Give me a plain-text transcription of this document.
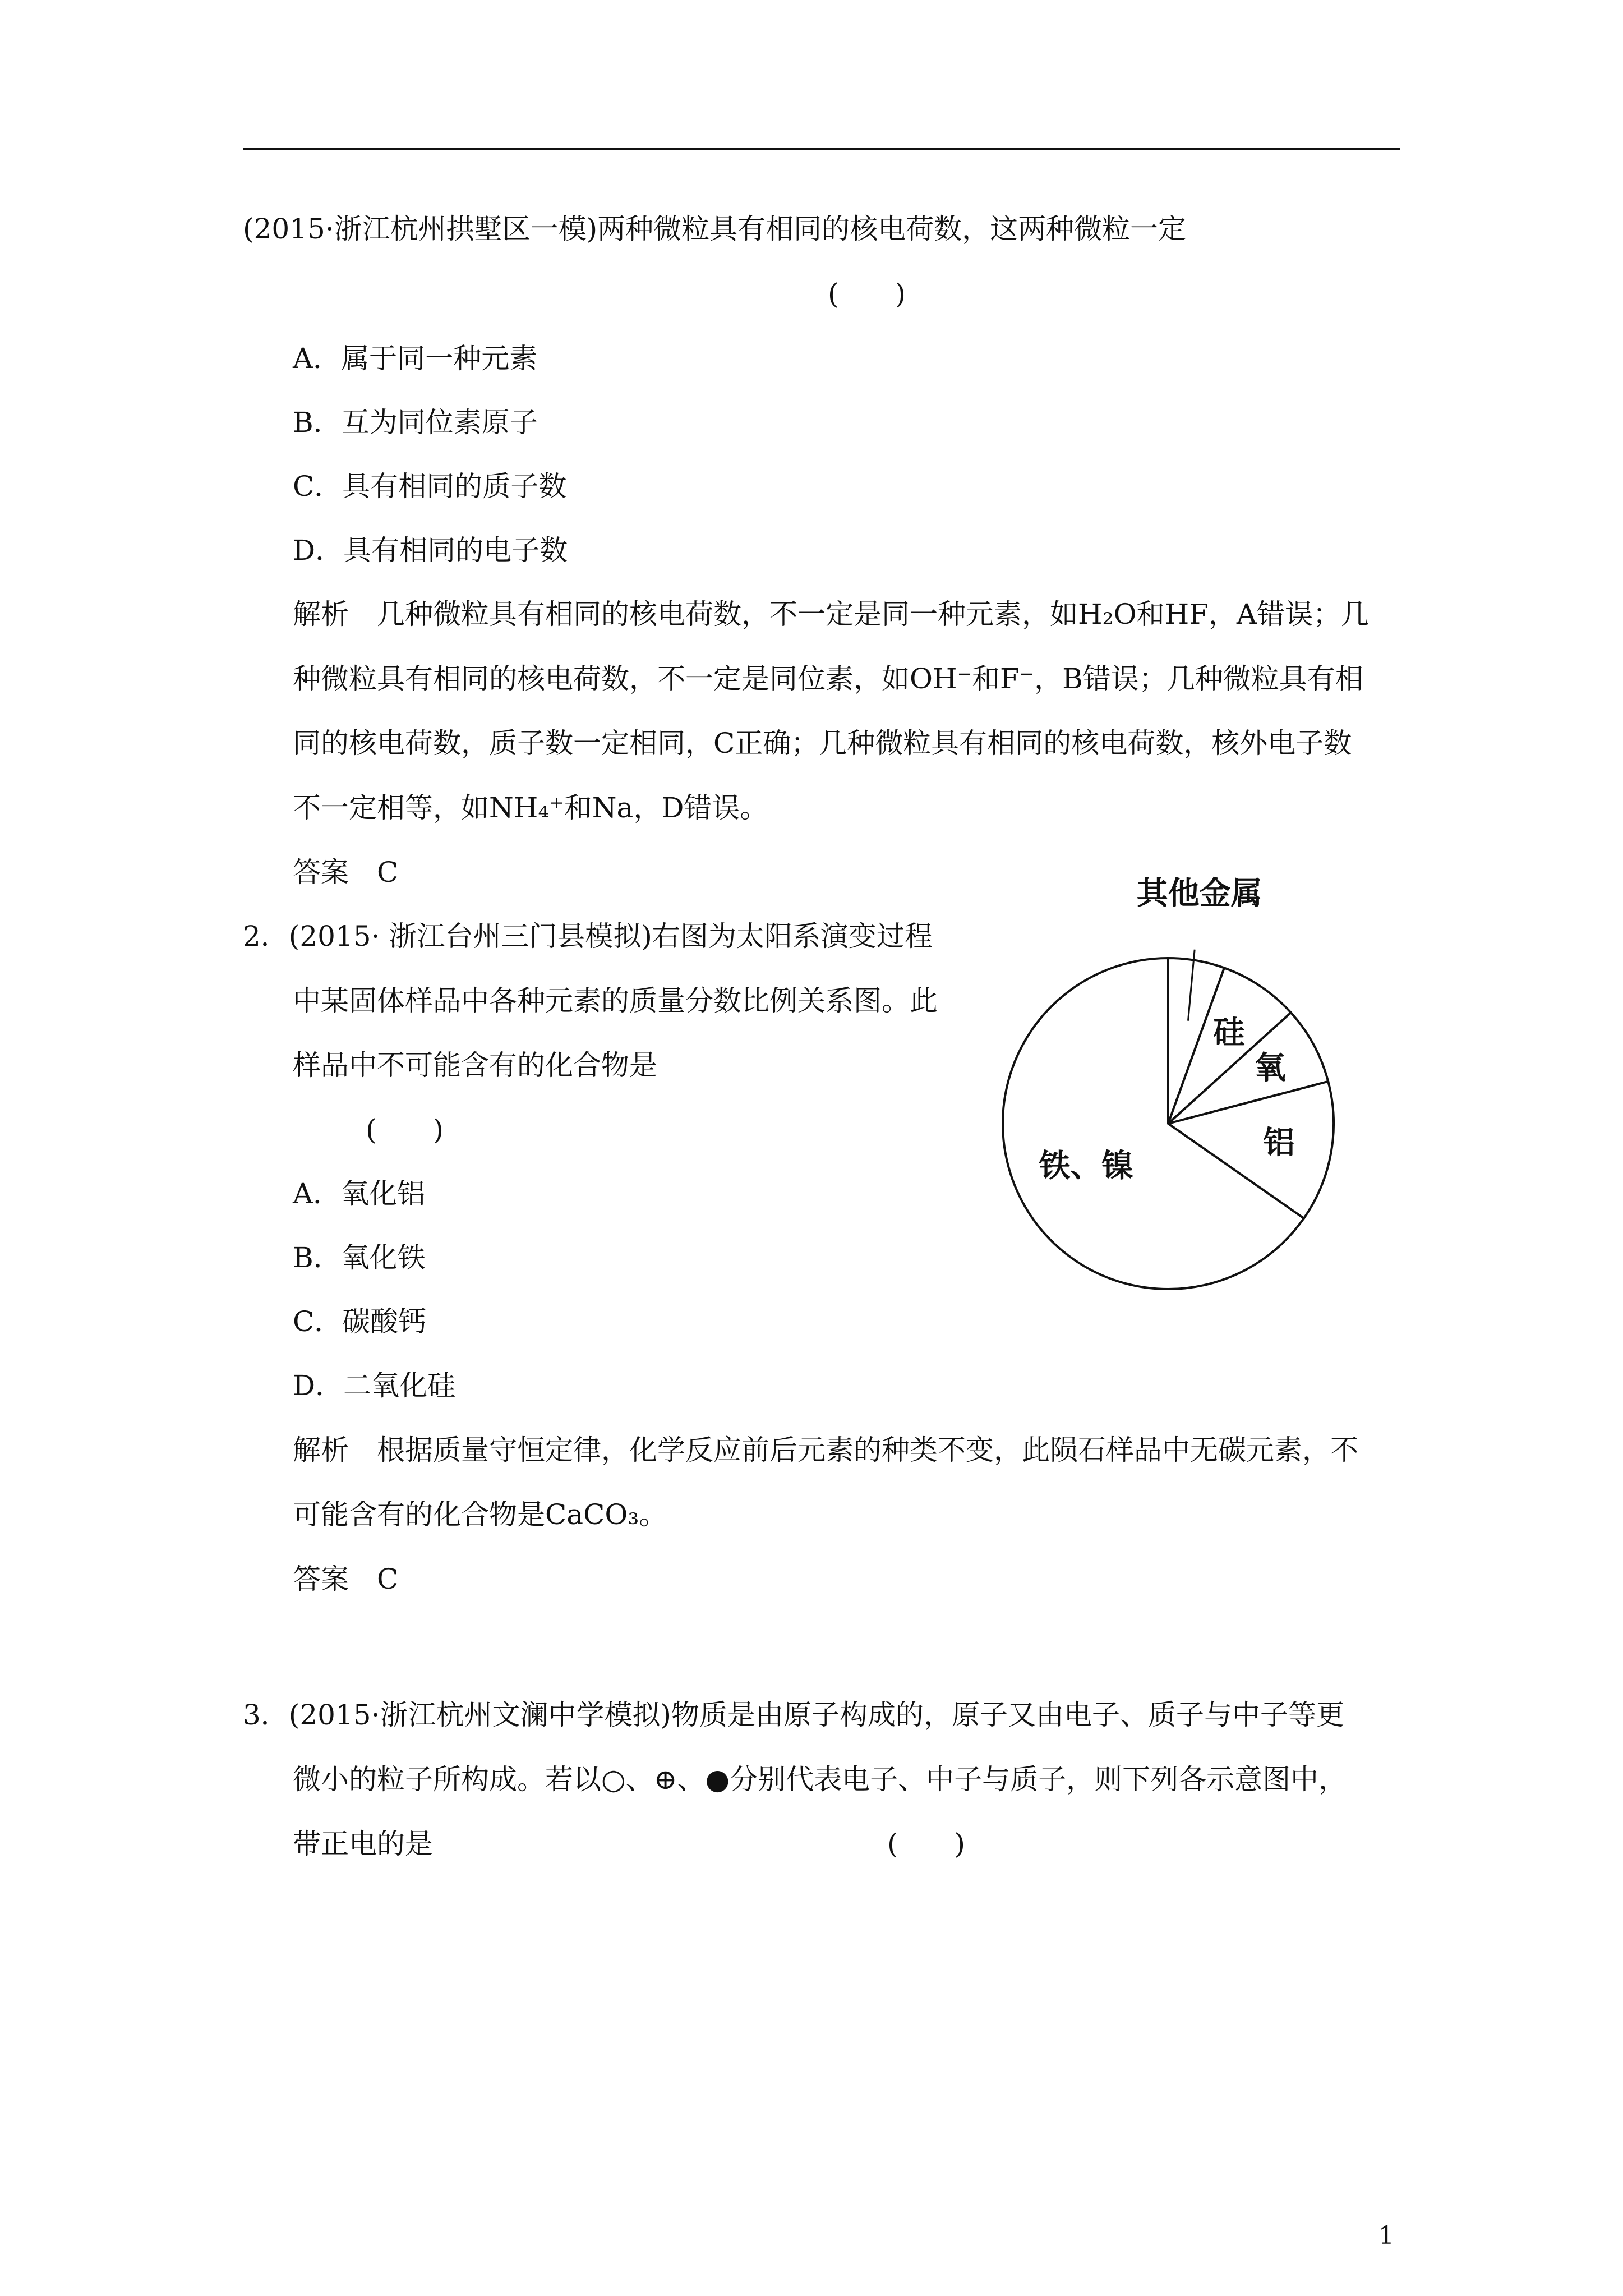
(2015·浙江杭州拱墅区一模)两种微粒具有相同的核电荷数，这两种微粒一定
(　　)
A．属于同一种元素
B．互为同位素原子
C．具有相同的质子数
D．具有相同的电子数
解析　几种微粒具有相同的核电荷数，不一定是同一种元素，如H₂O和HF，A错误；几
种微粒具有相同的核电荷数，不一定是同位素，如OH⁻和F⁻，B错误；几种微粒具有相
同的核电荷数，质子数一定相同，C正确；几种微粒具有相同的核电荷数，核外电子数
不一定相等，如NH₄⁺和Na，D错误。
答案　C
2．(2015· 浙江台州三门县模拟)右图为太阳系演变过程
中某固体样品中各种元素的质量分数比例关系图。此
样品中不可能含有的化合物是
(　　)
A．氧化铝
B．氧化铁
C．碳酸钙
D．二氧化硅
解析　根据质量守恒定律，化学反应前后元素的种类不变，此陨石样品中无碳元素，不
可能含有的化合物是CaCO₃。
答案　C
其他金属
硅
氧
铝
铁、镍
3．(2015·浙江杭州文澜中学模拟)物质是由原子构成的，原子又由电子、质子与中子等更
微小的粒子所构成。若以○、⊕、●分别代表电子、中子与质子，则下列各示意图中，
带正电的是	(　　)
1
